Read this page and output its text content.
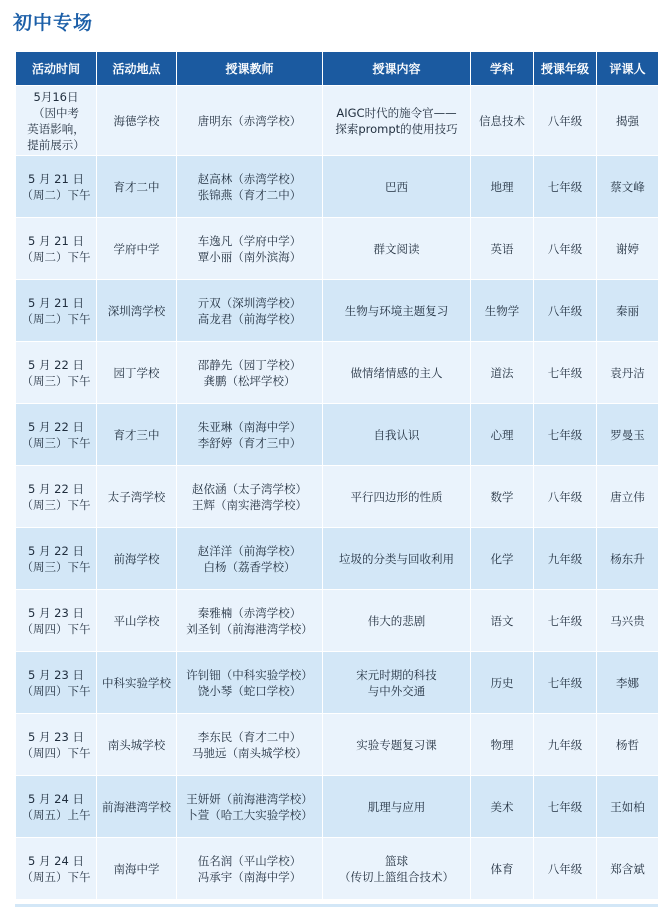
初中专场
活动时间	活动地点	授课教师	授课内容	学科	授课年级	评课人
5月16日
（因中考
英语影响，
提前展示）	海德学校	唐明东（赤湾学校）	AIGC时代的施令官——
探索prompt的使用技巧	信息技术	八年级	揭强
5 月 21 日
（周二）下午	育才二中	赵高林（赤湾学校）
张锦燕（育才二中）	巴西	地理	七年级	蔡文峰
5 月 21 日
（周二）下午	学府中学	车逸凡（学府中学）
覃小丽（南外滨海）	群文阅读	英语	八年级	谢婷
5 月 21 日
（周二）下午	深圳湾学校	亓双（深圳湾学校）
高龙君（前海学校）	生物与环境主题复习	生物学	八年级	秦丽
5 月 22 日
（周三）下午	园丁学校	邵静先（园丁学校）
龚鹏（松坪学校）	做情绪情感的主人	道法	七年级	袁丹洁
5 月 22 日
（周三）下午	育才三中	朱亚琳（南海中学）
李舒婷（育才三中）	自我认识	心理	七年级	罗曼玉
5 月 22 日
（周三）下午	太子湾学校	赵依涵（太子湾学校）
王辉（南实港湾学校）	平行四边形的性质	数学	八年级	唐立伟
5 月 22 日
（周三）下午	前海学校	赵洋洋（前海学校）
白杨（荔香学校）	垃圾的分类与回收利用	化学	九年级	杨东升
5 月 23 日
（周四）下午	平山学校	秦雅楠（赤湾学校）
刘圣钊（前海港湾学校）	伟大的悲剧	语文	七年级	马兴贵
5 月 23 日
（周四）下午	中科实验学校	许钊钿（中科实验学校）
饶小琴（蛇口学校）	宋元时期的科技
与中外交通	历史	七年级	李娜
5 月 23 日
（周四）下午	南头城学校	李东民（育才二中）
马驰远（南头城学校）	实验专题复习课	物理	九年级	杨哲
5 月 24 日
（周五）上午	前海港湾学校	王妍妍（前海港湾学校）
卜萱（哈工大实验学校）	肌理与应用	美术	七年级	王如柏
5 月 24 日
（周五）下午	南海中学	伍名润（平山学校）
冯承宇（南海中学）	篮球
（传切上篮组合技术）	体育	八年级	郑含斌
